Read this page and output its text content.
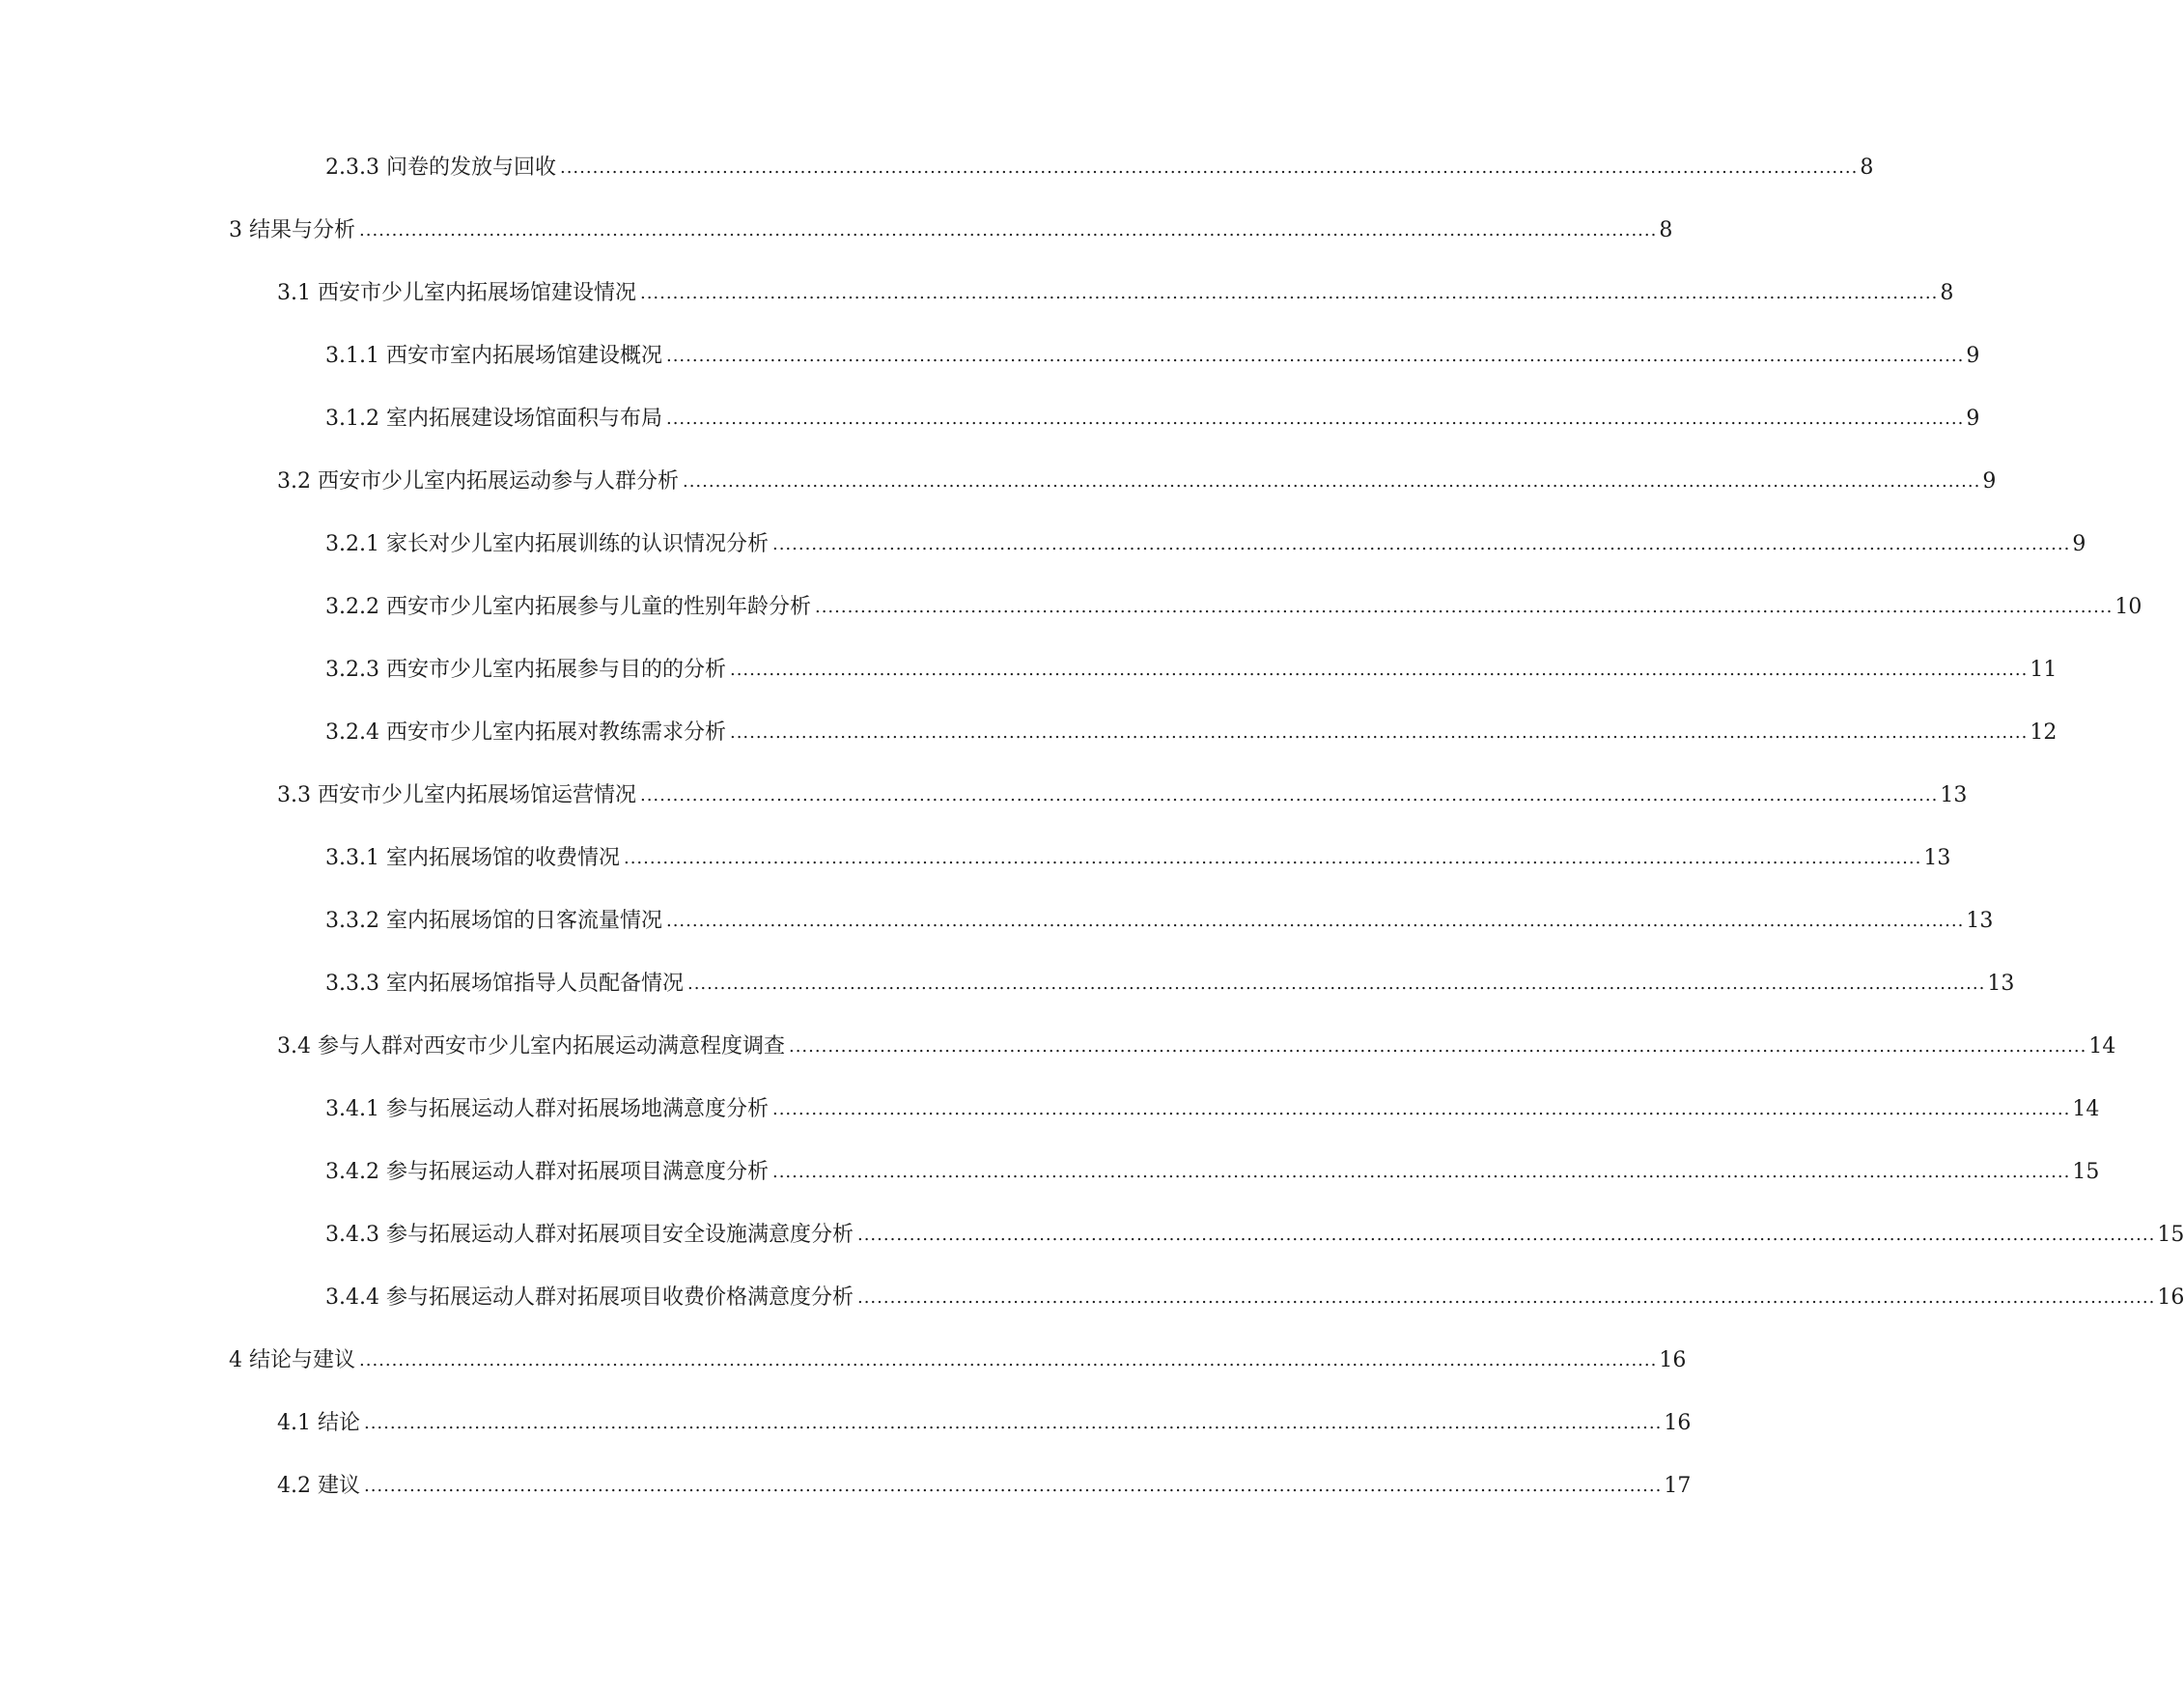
2.3.3 问卷的发放与回收 ........................................................................................................................................................................................................ 8
3 结果与分析 ........................................................................................................................................................................................................ 8
3.1 西安市少儿室内拓展场馆建设情况 ........................................................................................................................................................................................................ 8
3.1.1 西安市室内拓展场馆建设概况 ........................................................................................................................................................................................................ 9
3.1.2 室内拓展建设场馆面积与布局 ........................................................................................................................................................................................................ 9
3.2 西安市少儿室内拓展运动参与人群分析 ........................................................................................................................................................................................................ 9
3.2.1 家长对少儿室内拓展训练的认识情况分析 ........................................................................................................................................................................................................ 9
3.2.2 西安市少儿室内拓展参与儿童的性别年龄分析 ........................................................................................................................................................................................................ 10
3.2.3 西安市少儿室内拓展参与目的的分析 ........................................................................................................................................................................................................ 11
3.2.4 西安市少儿室内拓展对教练需求分析 ........................................................................................................................................................................................................ 12
3.3 西安市少儿室内拓展场馆运营情况 ........................................................................................................................................................................................................ 13
3.3.1 室内拓展场馆的收费情况 ........................................................................................................................................................................................................ 13
3.3.2 室内拓展场馆的日客流量情况 ........................................................................................................................................................................................................ 13
3.3.3 室内拓展场馆指导人员配备情况 ........................................................................................................................................................................................................ 13
3.4 参与人群对西安市少儿室内拓展运动满意程度调查 ........................................................................................................................................................................................................ 14
3.4.1 参与拓展运动人群对拓展场地满意度分析 ........................................................................................................................................................................................................ 14
3.4.2 参与拓展运动人群对拓展项目满意度分析 ........................................................................................................................................................................................................ 15
3.4.3 参与拓展运动人群对拓展项目安全设施满意度分析 ........................................................................................................................................................................................................ 15
3.4.4 参与拓展运动人群对拓展项目收费价格满意度分析 ........................................................................................................................................................................................................ 16
4 结论与建议 ........................................................................................................................................................................................................ 16
4.1 结论 ........................................................................................................................................................................................................ 16
4.2 建议 ........................................................................................................................................................................................................ 17
